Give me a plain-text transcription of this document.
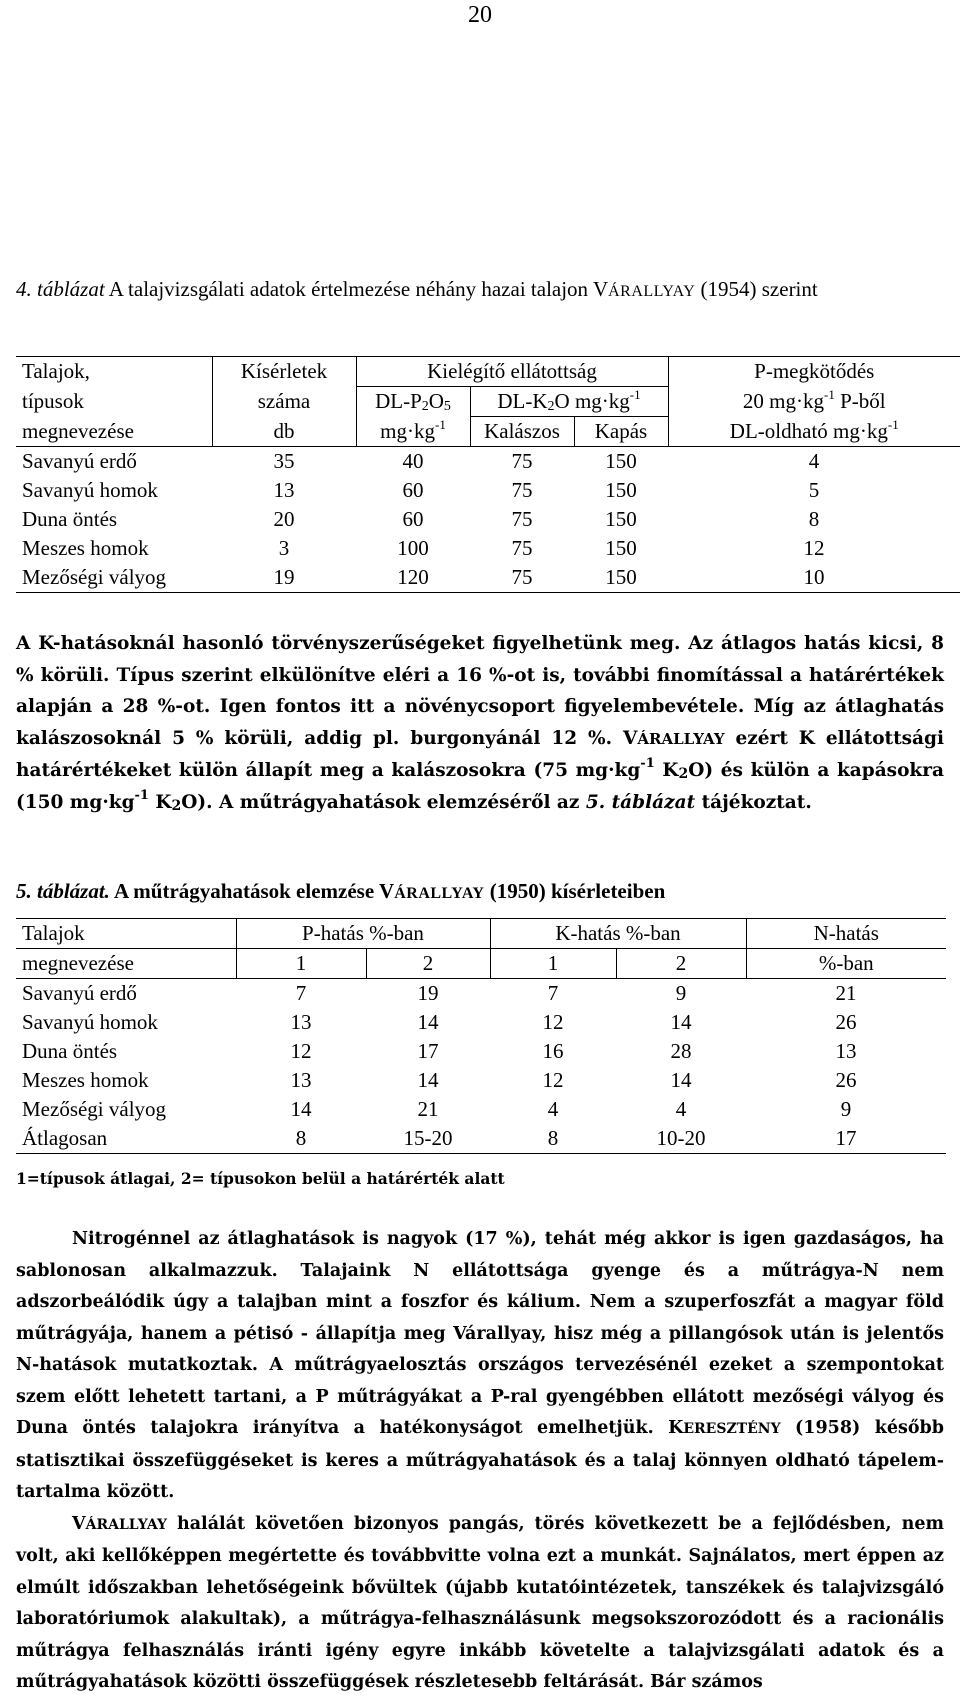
20
4. táblázat A talajvizsgálati adatok értelmezése néhány hazai talajon VÁRALLYAY (1954) szerint
Talajok,	Kísérletek	Kielégítő ellátottság			P-megkötődés
típusok	száma	$DL-P_2O_5$	$DL-K_2O$ $mg\cdot kg^{-1}$		20 $mg\cdot kg^{-1}$ P-ből
megnevezése	db	$mg\cdot kg^{-1}$	Kalászos	Kapás	DL-oldható $mg\cdot kg^{-1}$
Savanyú erdő	35	40	75	150	4
Savanyú homok	13	60	75	150	5
Duna öntés	20	60	75	150	8
Meszes homok	3	100	75	150	12
Mezőségi vályog	19	120	75	150	10
A K-hatásoknál hasonló törvényszerűségeket figyelhetünk meg. Az átlagos hatás kicsi, 8 % körüli. Típus szerint elkülönítve eléri a 16 %-ot is, további finomítással a határértékek alapján a 28 %-ot. Igen fontos itt a növénycsoport figyelembevétele. Míg az átlaghatás kalászosoknál 5 % körüli, addig pl. burgonyánál 12 %. VÁRALLYAY ezért K ellátottsági határértékeket külön állapít meg a kalászosokra (75 $mg\cdot kg^{-1}$ $K_2O$) és külön a kapásokra (150 $mg\cdot kg^{-1}$ $K_2O$). A műtrágyahatások elemzéséről az 5. táblázat tájékoztat.
5. táblázat. A műtrágyahatások elemzése VÁRALLYAY (1950) kísérleteiben
Talajok	P-hatás %-ban		K-hatás %-ban		N-hatás
megnevezése	1	2	1	2	%-ban
Savanyú erdő	7	19	7	9	21
Savanyú homok	13	14	12	14	26
Duna öntés	12	17	16	28	13
Meszes homok	13	14	12	14	26
Mezőségi vályog	14	21	4	4	9
Átlagosan	8	15-20	8	10-20	17
1=típusok átlagai, 2= típusokon belül a határérték alatt

Nitrogénnel az átlaghatások is nagyok (17 %), tehát még akkor is igen gazdaságos, ha sablonosan alkalmazzuk. Talajaink N ellátottsága gyenge és a műtrágya-N nem adszorbeálódik úgy a talajban mint a foszfor és kálium. Nem a szuperfoszfát a magyar föld műtrágyája, hanem a pétisó - állapítja meg Várallyay, hisz még a pillangósok után is jelentős N-hatások mutatkoztak. A műtrágyaelosztás országos tervezésénél ezeket a szempontokat szem előtt lehetett tartani, a P műtrágyákat a P-ral gyengébben ellátott mezőségi vályog és Duna öntés talajokra irányítva a hatékonyságot emelhetjük. KERESZTÉNY (1958) később statisztikai összefüggéseket is keres a műtrágyahatások és a talaj könnyen oldható tápelem-tartalma között.

VÁRALLYAY halálát követően bizonyos pangás, törés következett be a fejlődésben, nem volt, aki kellőképpen megértette és továbbvitte volna ezt a munkát. Sajnálatos, mert éppen az elmúlt időszakban lehetőségeink bővültek (újabb kutatóintézetek, tanszékek és talajvizsgáló laboratóriumok alakultak), a műtrágya-felhasználásunk megsokszorozódott és a racionális műtrágya felhasználás iránti igény egyre inkább követelte a talajvizsgálati adatok és a műtrágyahatások közötti összefüggések részletesebb feltárását. Bár számos
